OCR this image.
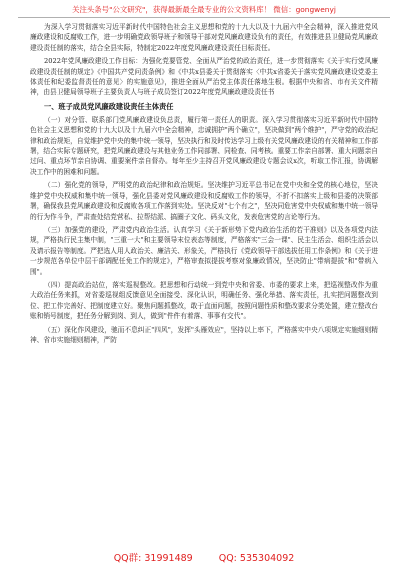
关注头条号"公文研究"，获得最新最全最专业的公文资料库！ 微信：gongwenyj

为深入学习贯彻落实习近平新时代中国特色社会主义思想和党的十九大以及十九届六中全会精神，深入推进党风廉政建设和反腐败工作，进一步明确党政领导班子和领导干部对党风廉政建设负有的责任，有效推进县卫健局党风廉政建设责任制的落实，结合全县实际，特制定2022年度党风廉政建设责任目标责任。

2022年党风廉政建设工作目标：为强化党要管党、全面从严治党的政治责任，进一步贯彻落实《关于实行党风廉政建设责任制的规定》《中国共产党问责条例》和《中共x县委关于贯彻落实〈中共x省委关于落实党风廉政建设党委主体责任和纪委监督责任的意见〉的实施意见》，推进全面从严治党主体责任落地生根。根据中央和省、市有关文件精神，由县卫健局领导班子主要负责人与班子成员签订2022年度党风廉政建设责任书

一、班子成员党风廉政建设责任主体责任

（一）对分管、联系部门党风廉政建设负总责，履行第一责任人的职责。深入学习贯彻落实习近平新时代中国特色社会主义思想和党的十九大以及十九届六中全会精神，忠诚拥护"两个确立"，坚决做到"两个维护"，严守党的政治纪律和政治规矩，自觉维护党中央的集中统一领导，坚决执行和及时传达学习上级有关党风廉政建设的有关精神和工作部署，结合实际专题研究，把党风廉政建设与其他业务工作同部署、同检查、同考核。重要工作亲自部署、重大问题亲自过问、重点环节亲自协调、重要案件亲自督办。每年至少主持召开党风廉政建设专题会议x次，听取工作汇报，协调解决工作中的困难和问题。

（二）强化党的领导，严明党的政治纪律和政治规矩。坚决维护习近平总书记在党中央和全党的核心地位，坚决维护党中央权威和集中统一领导，强化县委对党风廉政建设和反腐败工作的领导，不折不扣落实上级和县委的决策部署，确保我县党风廉政建设和反腐败各项工作落到实处。坚决反对"七个有之"，坚决同危害党中央权威和集中统一领导的行为作斗争，严肃查处结党营私、拉帮结派、搞圈子文化、码头文化，发表危害党的言论等行为。

（三）加强党的建设，严肃党内政治生活。认真学习《关于新形势下党内政治生活的若干准则》以及各项党内法规，严格执行民主集中制，"三重一大"和主要领导末位表态等制度，严格落实"三会一课"、民主生活会、组织生活会以及请示报告等制度。严把选人用人政治关、廉洁关、形象关，严格执行《党政领导干部选拔任用工作条例》和《关于进一步规范各单位中层干部调配任免工作的规定》，严格审查拟提拔考察对象廉政情况，坚决防止"带病提拔"和"带病入围"。

（四）提高政治站位，落实巡视整改。把思想和行动统一到党中央和省委、市委的要求上来，把巡视整改作为重大政治任务来抓，对省委巡视组反馈意见全面接受、深化认识，明确任务、强化举措、落实责任，扎实把问题整改到位、把工作完善好、把制度建立好。聚焦问题抓整改，敢于直面问题，按照问题性质和整改要求分类处置，建立整改台账和销号制度，把任务分解到岗、到人，做到"件件有着落、事事有交代"。

（五）深化作风建设，驰而不息纠正"四风"，发挥"头雁效应"，坚持以上率下，严格落实中央八项规定实施细则精神、省市实施细则精神，严防

QQ群: 31991489	QQ: 535304092
